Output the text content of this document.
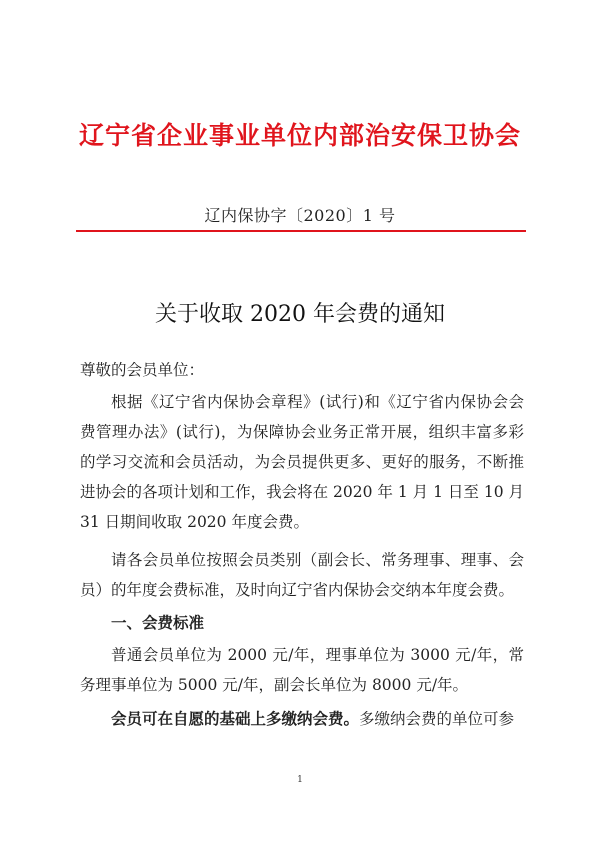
辽宁省企业事业单位内部治安保卫协会
辽内保协字〔2020〕1 号
关于收取 2020 年会费的通知
尊敬的会员单位：
根据《辽宁省内保协会章程》(试行)和《辽宁省内保协会会费管理办法》(试行)，为保障协会业务正常开展，组织丰富多彩的学习交流和会员活动，为会员提供更多、更好的服务，不断推进协会的各项计划和工作，我会将在 2020 年 1 月 1 日至 10 月 31 日期间收取 2020 年度会费。
请各会员单位按照会员类别（副会长、常务理事、理事、会员）的年度会费标准，及时向辽宁省内保协会交纳本年度会费。
一、会费标准
普通会员单位为 2000 元/年，理事单位为 3000 元/年，常务理事单位为 5000 元/年，副会长单位为 8000 元/年。
会员可在自愿的基础上多缴纳会费。多缴纳会费的单位可参
1
